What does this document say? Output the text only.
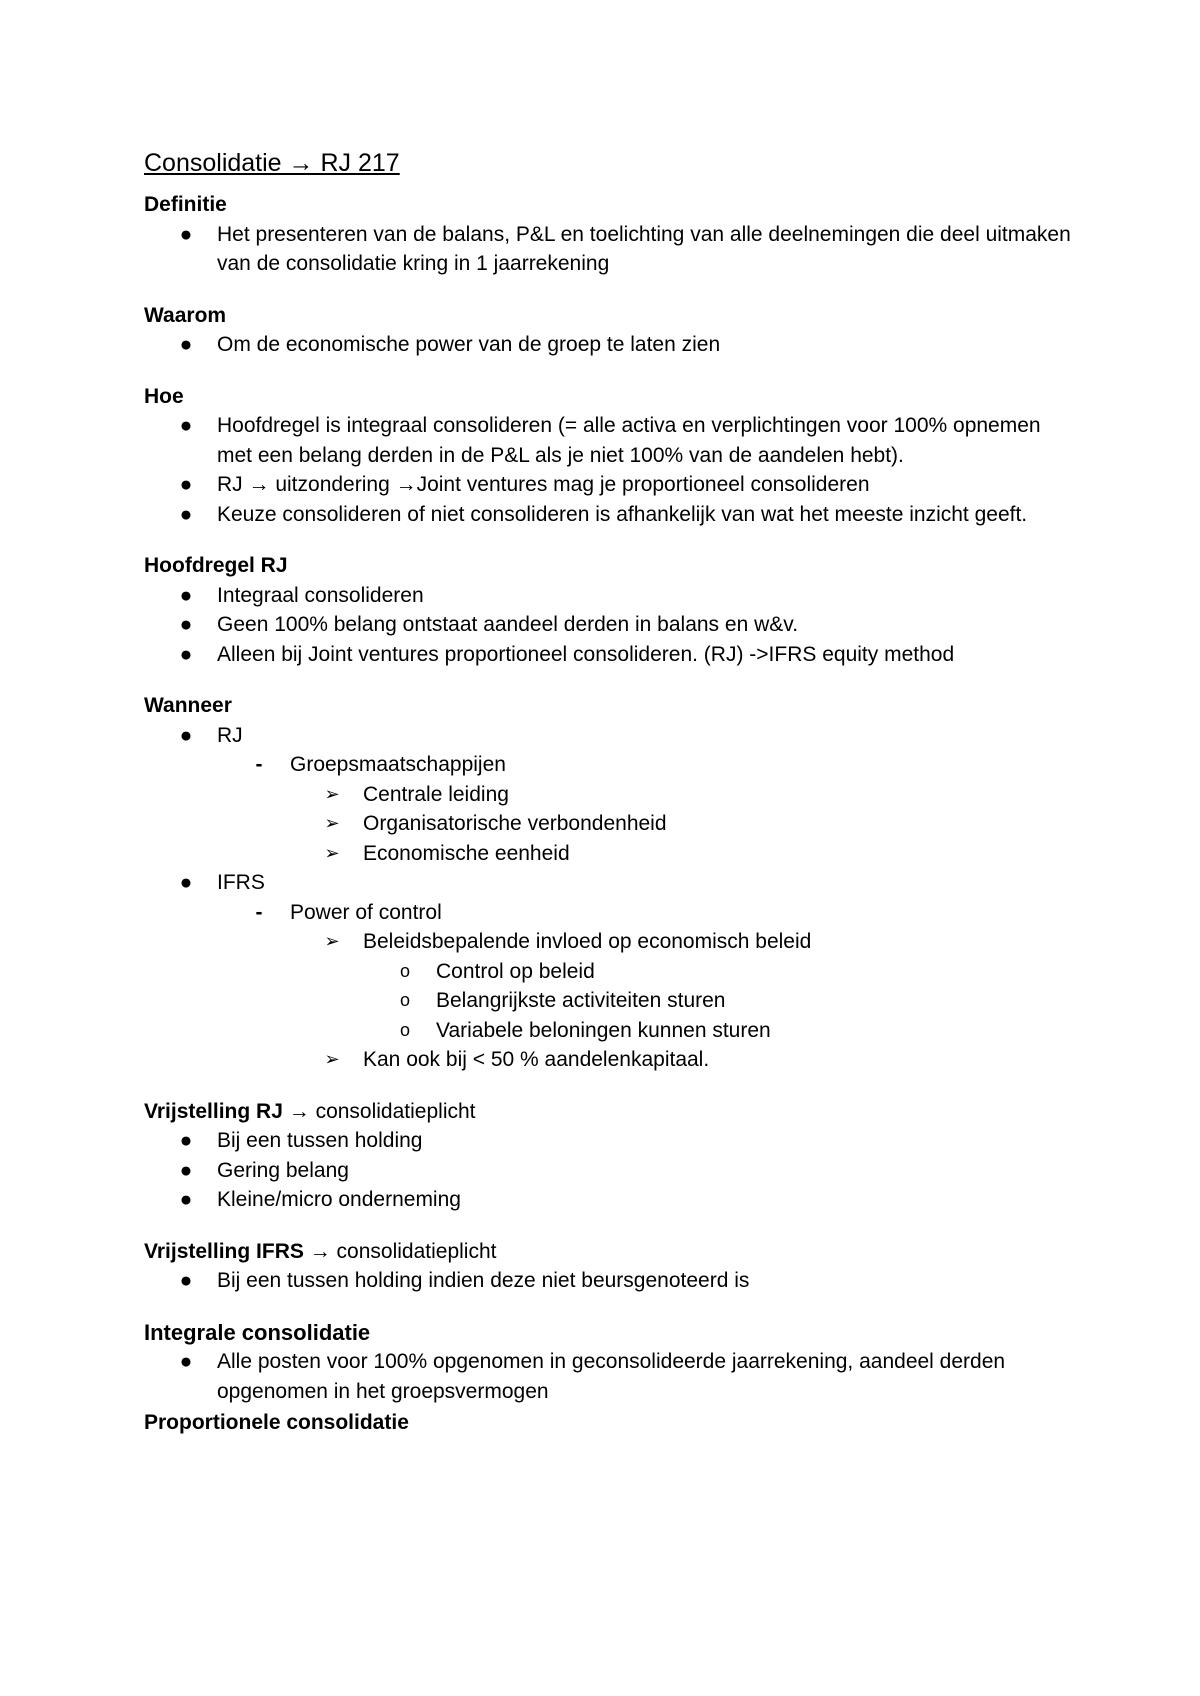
Consolidatie → RJ 217
Definitie
● Het presenteren van de balans, P&L en toelichting van alle deelnemingen die deel uitmaken van de consolidatie kring in 1 jaarrekening
Waarom
● Om de economische power van de groep te laten zien
Hoe
● Hoofdregel is integraal consolideren (= alle activa en verplichtingen voor 100% opnemen met een belang derden in de P&L als je niet 100% van de aandelen hebt).
● RJ → uitzondering →Joint ventures mag je proportioneel consolideren
● Keuze consolideren of niet consolideren is afhankelijk van wat het meeste inzicht geeft.
Hoofdregel RJ
● Integraal consolideren
● Geen 100% belang ontstaat aandeel derden in balans en w&v.
● Alleen bij Joint ventures proportioneel consolideren. (RJ) ->IFRS equity method
Wanneer
● RJ
-	Groepsmaatschappijen
➢ Centrale leiding
➢ Organisatorische verbondenheid
➢ Economische eenheid
● IFRS
-	Power of control
➢ Beleidsbepalende invloed op economisch beleid
o	Control op beleid
o	Belangrijkste activiteiten sturen
o	Variabele beloningen kunnen sturen
➢ Kan ook bij < 50 % aandelenkapitaal.
Vrijstelling RJ → consolidatieplicht
● Bij een tussen holding
● Gering belang
● Kleine/micro onderneming
Vrijstelling IFRS → consolidatieplicht
● Bij een tussen holding indien deze niet beursgenoteerd is
Integrale consolidatie
● Alle posten voor 100% opgenomen in geconsolideerde jaarrekening, aandeel derden opgenomen in het groepsvermogen
Proportionele consolidatie
